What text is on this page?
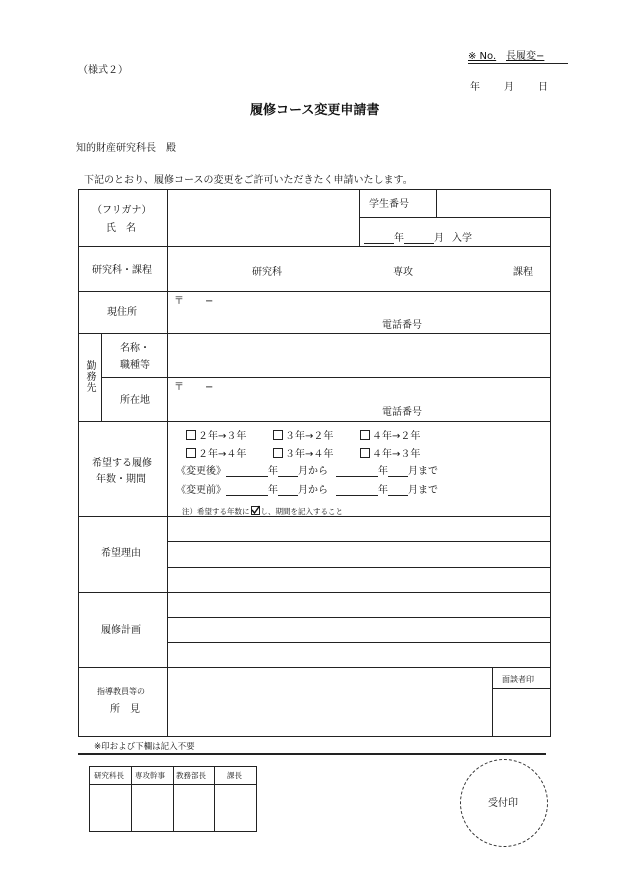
※ No. 長履変−
（様式２）
年 月 日
履修コース変更申請書
知的財産研究科長　殿
下記のとおり、履修コースの変更をご許可いただきたく申請いたします。
（フリガナ）
氏　名
学生番号
年	月 入学
研究科・課程	研究科	専攻	課程
現住所
〒 −
電話番号
勤務先
名称・
職種等
所在地
〒 −
電話番号
希望する履修
年数・期間
２年→３年	３年→２年	４年→２年
２年→４年	３年→４年	４年→３年
《変更後》	年 月から	年 月まで
《変更前》	年 月から	年 月まで
注）希望する年数に し、期間を記入すること
希望理由
履修計画
指導教員等の
所　見
面談者印
※印および下欄は記入不要
研究科長 専攻幹事 教務部長	課長
受付印
